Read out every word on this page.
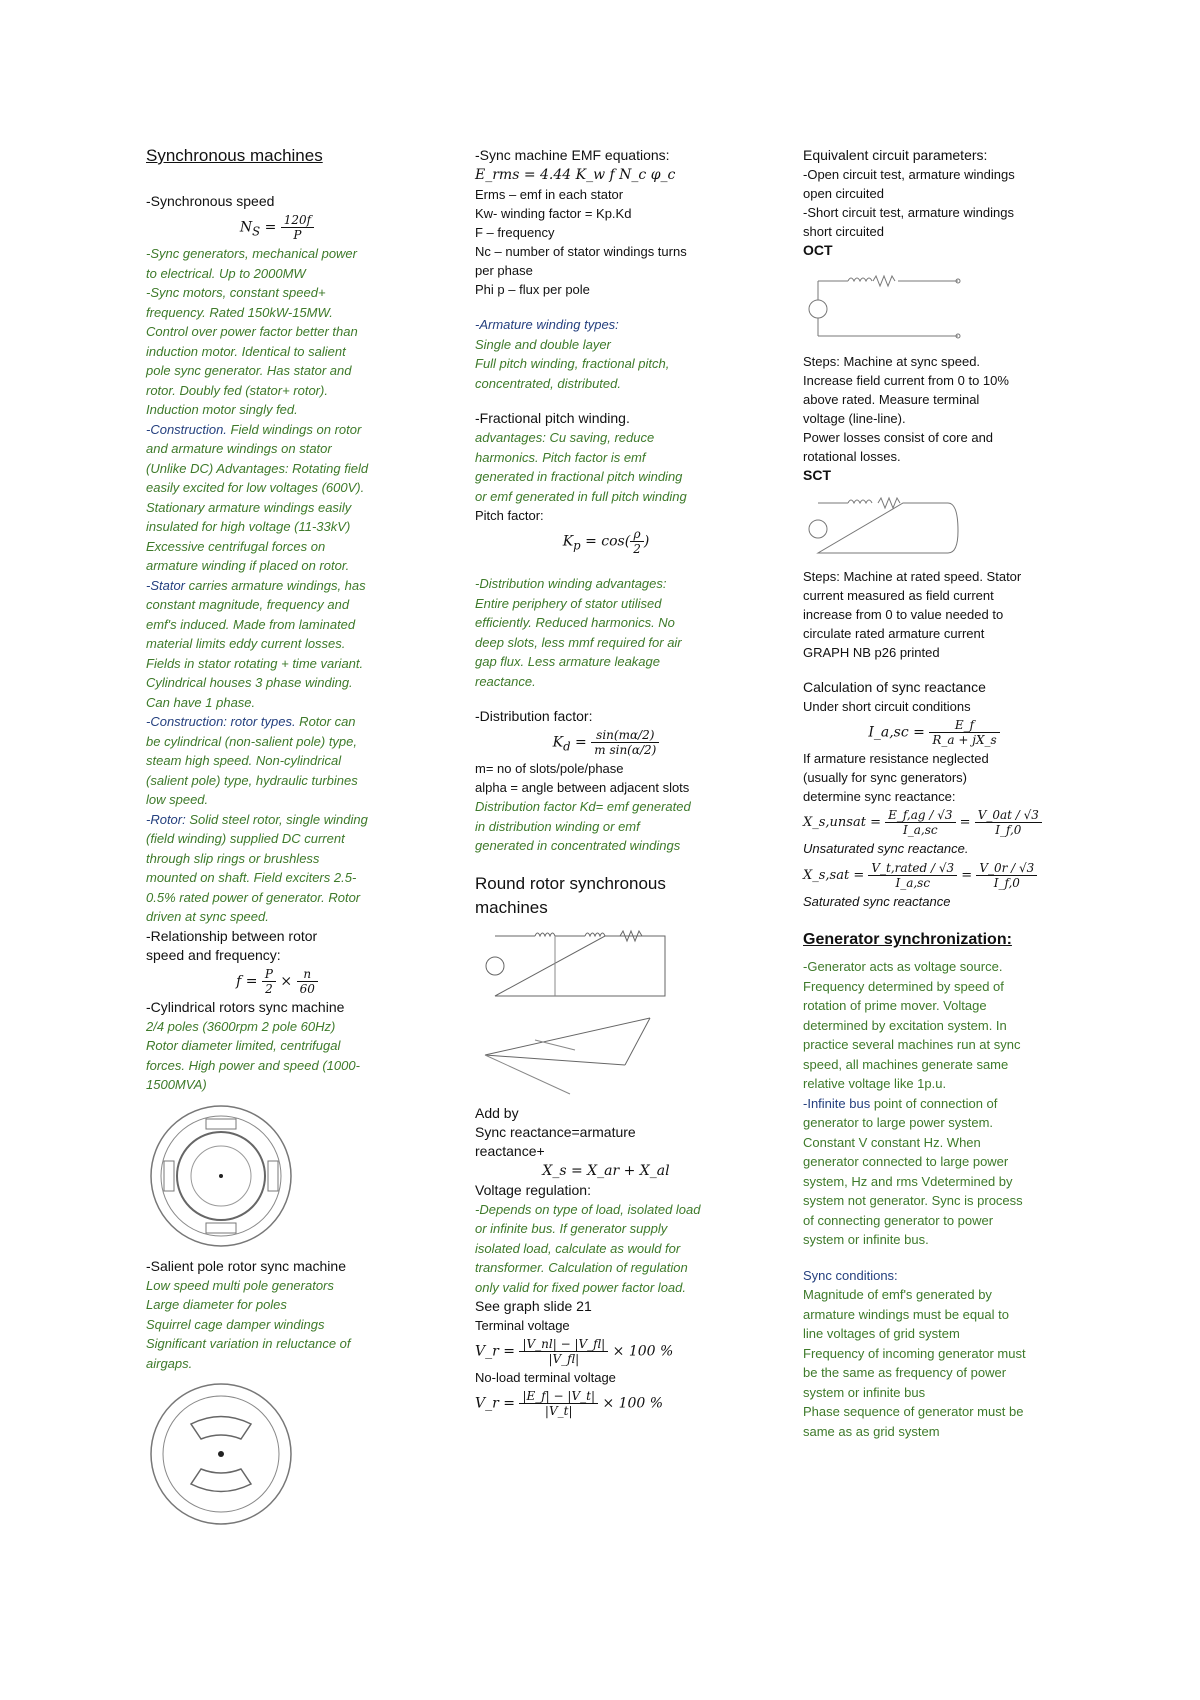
Synchronous machines
-Synchronous speed
$N_S = \frac{120f}{P}$
-Sync generators, mechanical power
to electrical. Up to 2000MW
-Sync motors, constant speed+
frequency. Rated 150kW-15MW.
Control over power factor better than
induction motor. Identical to salient
pole sync generator. Has stator and
rotor. Doubly fed (stator+ rotor).
Induction motor singly fed.
-Construction. Field windings on rotor
and armature windings on stator
(Unlike DC) Advantages: Rotating field
easily excited for low voltages (600V).
Stationary armature windings easily
insulated for high voltage (11-33kV)
Excessive centrifugal forces on
armature winding if placed on rotor.
-Stator carries armature windings, has
constant magnitude, frequency and
emf's induced. Made from laminated
material limits eddy current losses.
Fields in stator rotating + time variant.
Cylindrical houses 3 phase winding.
Can have 1 phase.
-Construction: rotor types. Rotor can
be cylindrical (non-salient pole) type,
steam high speed. Non-cylindrical
(salient pole) type, hydraulic turbines
low speed.
-Rotor: Solid steel rotor, single winding
(field winding) supplied DC current
through slip rings or brushless
mounted on shaft. Field exciters 2.5-
0.5% rated power of generator. Rotor
driven at sync speed.
-Relationship between rotor
speed and frequency:
$f = \frac{P}{2} \times \frac{n}{60}$
-Cylindrical rotors sync machine
2/4 poles (3600rpm 2 pole 60Hz)
Rotor diameter limited, centrifugal
forces. High power and speed (1000-
1500MVA)
-Salient pole rotor sync machine
Low speed multi pole generators
Large diameter for poles
Squirrel cage damper windings
Significant variation in reluctance of
airgaps.
-Sync machine EMF equations:
E_rms = 4.44 K_w f N_c φ_c
Erms – emf in each stator
Kw- winding factor = Kp.Kd
F – frequency
Nc – number of stator windings turns
per phase
Phi p – flux per pole
-Armature winding types:
Single and double layer
Full pitch winding, fractional pitch,
concentrated, distributed.
-Fractional pitch winding.
advantages: Cu saving, reduce
harmonics. Pitch factor is emf
generated in fractional pitch winding
or emf generated in full pitch winding
Pitch factor:
$K_p = \cos( \frac{\rho}{2}$ )
-Distribution winding advantages:
Entire periphery of stator utilised
efficiently. Reduced harmonics. No
deep slots, less mmf required for air
gap flux. Less armature leakage
reactance.
-Distribution factor:
$K_d = \frac{\sin(m\alpha/2)}{\text{m sin(α/2)}}$
m= no of slots/pole/phase
alpha = angle between adjacent slots
Distribution factor Kd= emf generated
in distribution winding or emf
generated in concentrated windings
Round rotor synchronous machines
Add by
Sync reactance=armature
reactance+
X_s = X_ar + X_al
Voltage regulation:
-Depends on type of load, isolated load
or infinite bus. If generator supply
isolated load, calculate as would for
transformer. Calculation of regulation
only valid for fixed power factor load.
See graph slide 21
Terminal voltage
V_r = $\frac{|V\_nl| - |V\_fl|}{|V\_fl|} \times 100$ %
No-load terminal voltage
V_r = $\frac{|E\_f| - |V\_t|}{|V\_t|} \times 100$ %
Equivalent circuit parameters:
-Open circuit test, armature windings
open circuited
-Short circuit test, armature windings
short circuited
OCT
Steps: Machine at sync speed.
Increase field current from 0 to 10%
above rated. Measure terminal
voltage (line-line).
Power losses consist of core and
rotational losses.
SCT
Steps: Machine at rated speed. Stator
current measured as field current
increase from 0 to value needed to
circulate rated armature current
GRAPH NB p26 printed
Calculation of sync reactance
Under short circuit conditions
I_a,sc = $\frac{E\_f}{R\_a + jX\_s}$
If armature resistance neglected
(usually for sync generators)
determine sync reactance:
X_s,unsat = $\frac{E\_f,ag / √3}{I\_a,sc} = \frac{V\_0at / √3}{I\_f,0}$
Unsaturated sync reactance.
X_s,sat = $\frac{\text{V\_t,rated / √3}}{I\_a,sc} = \frac{V\_0r / √3}{I\_f,0}$
Saturated sync reactance
Generator synchronization:
-Generator acts as voltage source.
Frequency determined by speed of
rotation of prime mover. Voltage
determined by excitation system. In
practice several machines run at sync
speed, all machines generate same
relative voltage like 1p.u.
-Infinite bus point of connection of
generator to large power system.
Constant V constant Hz. When
generator connected to large power
system, Hz and rms Vdetermined by
system not generator. Sync is process
of connecting generator to power
system or infinite bus.
Sync conditions:
Magnitude of emf's generated by
armature windings must be equal to
line voltages of grid system
Frequency of incoming generator must
be the same as frequency of power
system or infinite bus
Phase sequence of generator must be
same as as grid system
